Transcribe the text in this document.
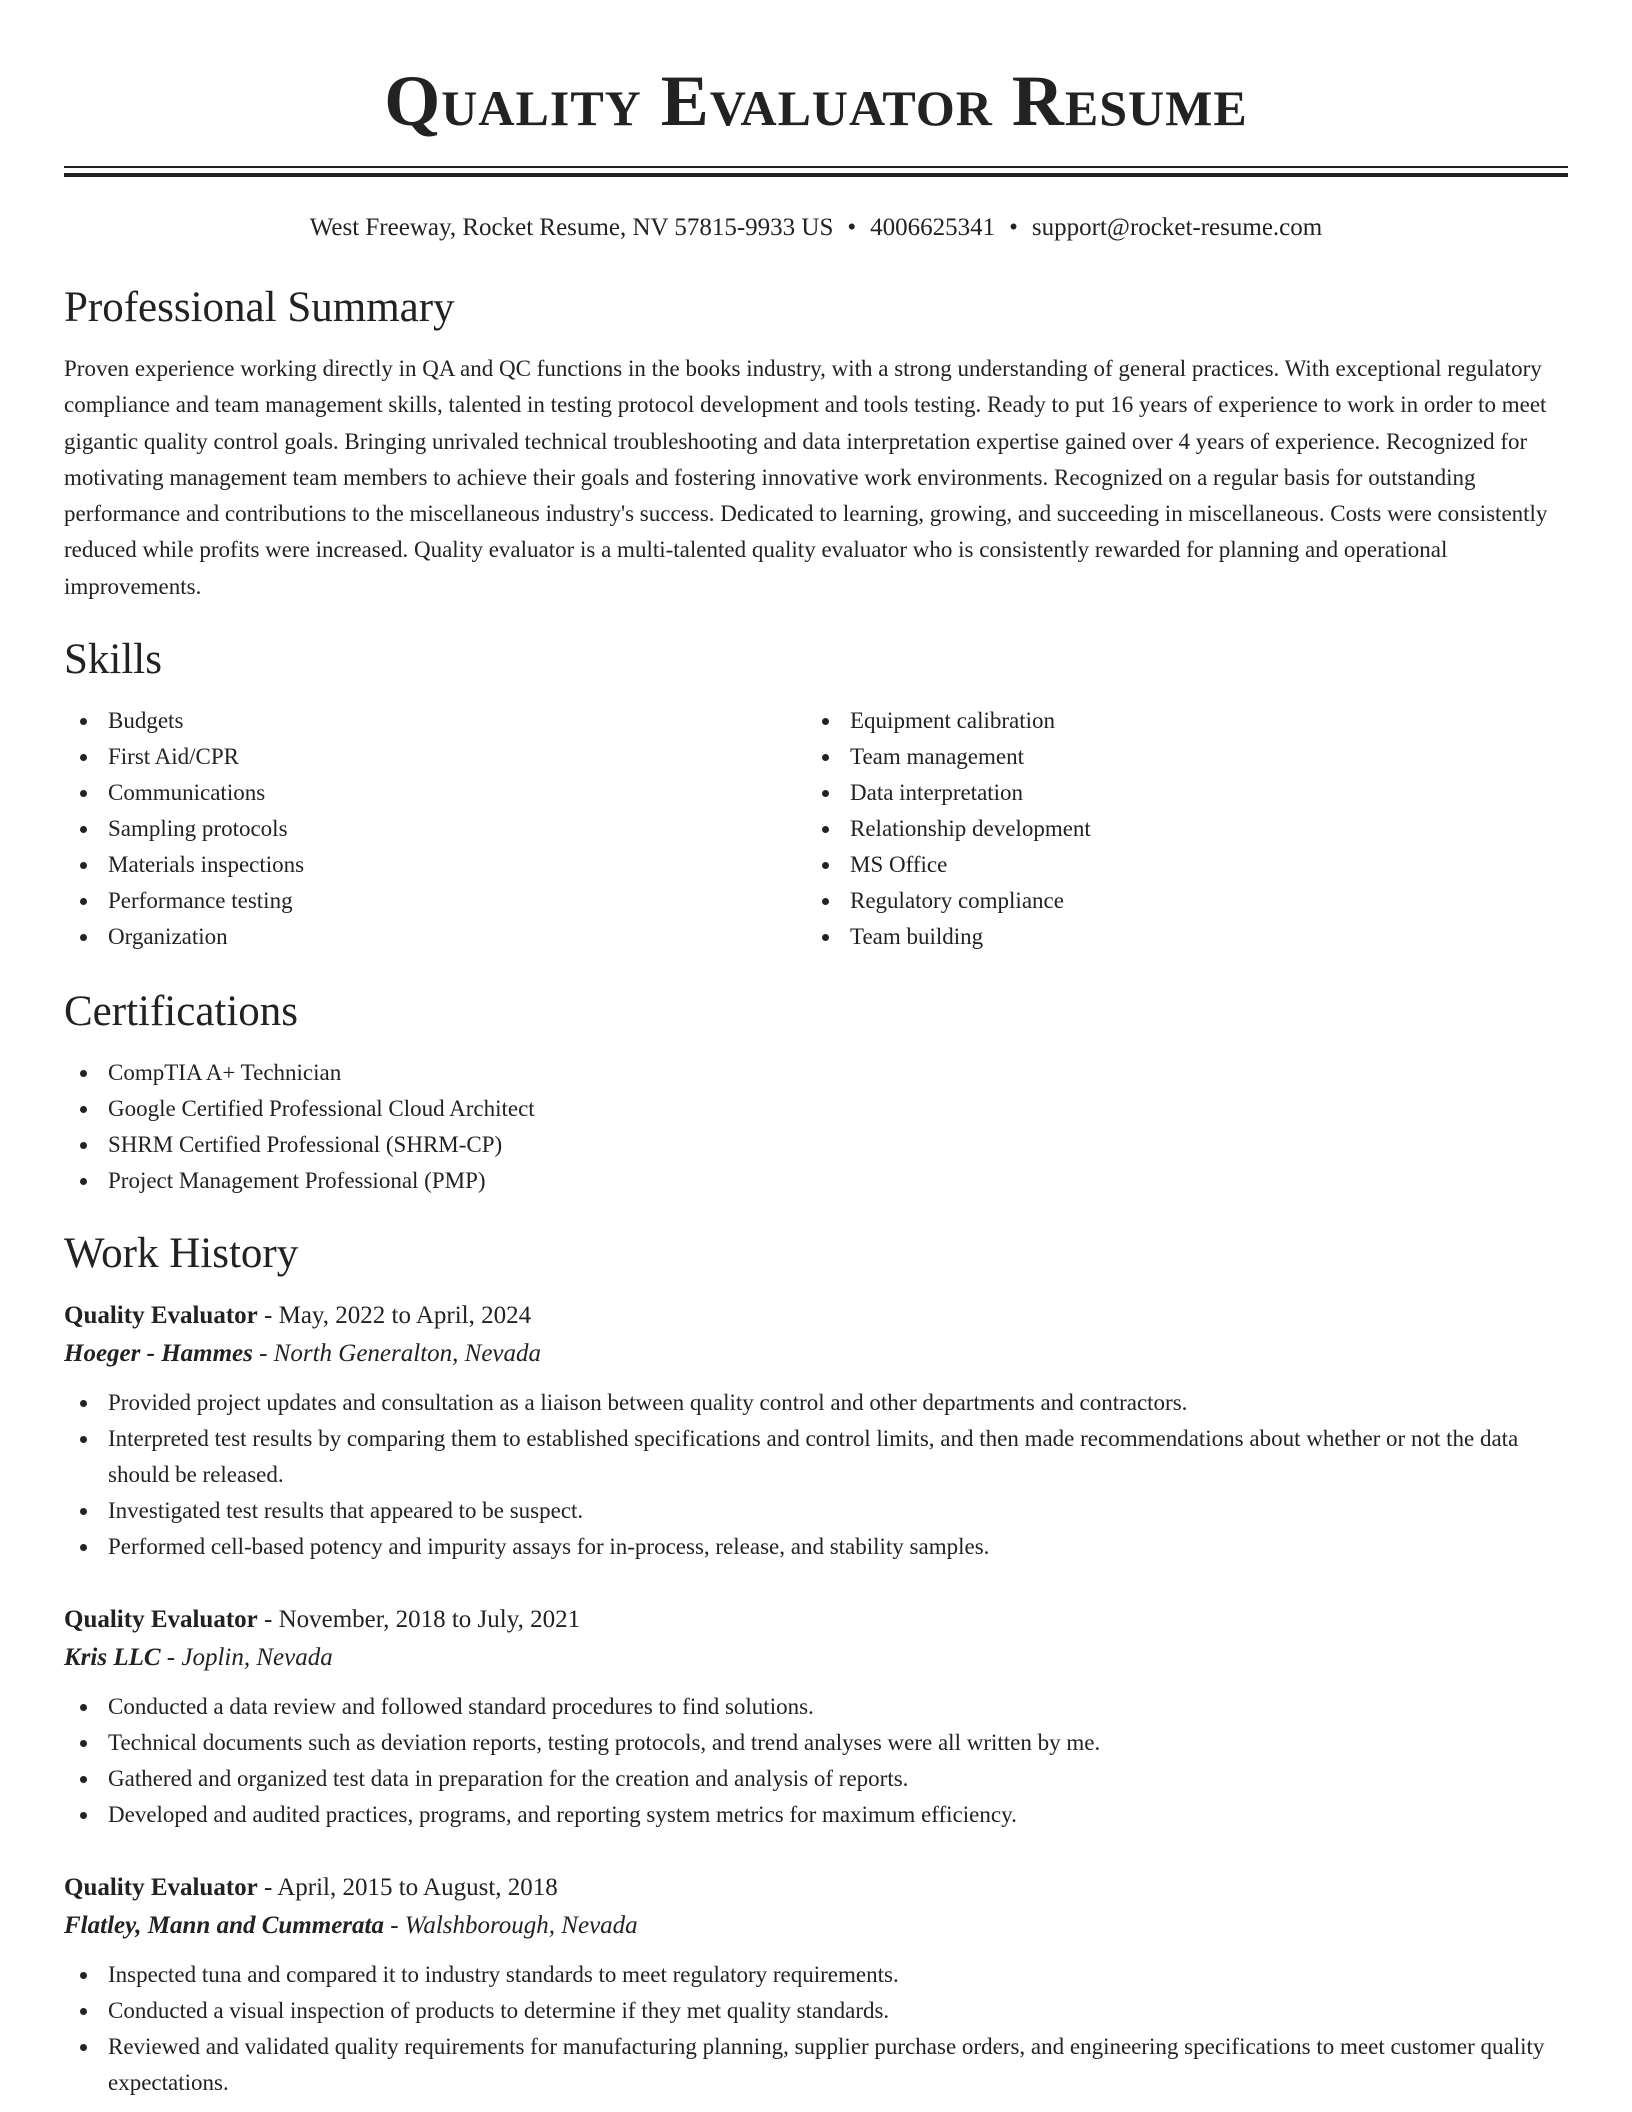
Quality Evaluator Resume
West Freeway, Rocket Resume, NV 57815-9933 US • 4006625341 • support@rocket-resume.com
Professional Summary

Proven experience working directly in QA and QC functions in the books industry, with a strong understanding of general practices. With exceptional regulatory compliance and team management skills, talented in testing protocol development and tools testing. Ready to put 16 years of experience to work in order to meet gigantic quality control goals. Bringing unrivaled technical troubleshooting and data interpretation expertise gained over 4 years of experience. Recognized for motivating management team members to achieve their goals and fostering innovative work environments. Recognized on a regular basis for outstanding performance and contributions to the miscellaneous industry's success. Dedicated to learning, growing, and succeeding in miscellaneous. Costs were consistently reduced while profits were increased. Quality evaluator is a multi-talented quality evaluator who is consistently rewarded for planning and operational improvements.

Skills
Budgets
First Aid/CPR
Communications
Sampling protocols
Materials inspections
Performance testing
Organization
Equipment calibration
Team management
Data interpretation
Relationship development
MS Office
Regulatory compliance
Team building
Certifications
CompTIA A+ Technician
Google Certified Professional Cloud Architect
SHRM Certified Professional (SHRM-CP)
Project Management Professional (PMP)
Work History
Quality Evaluator - May, 2022 to April, 2024
Hoeger - Hammes - North Generalton, Nevada
Provided project updates and consultation as a liaison between quality control and other departments and contractors.
Interpreted test results by comparing them to established specifications and control limits, and then made recommendations about whether or not the data should be released.
Investigated test results that appeared to be suspect.
Performed cell-based potency and impurity assays for in-process, release, and stability samples.
Quality Evaluator - November, 2018 to July, 2021
Kris LLC - Joplin, Nevada
Conducted a data review and followed standard procedures to find solutions.
Technical documents such as deviation reports, testing protocols, and trend analyses were all written by me.
Gathered and organized test data in preparation for the creation and analysis of reports.
Developed and audited practices, programs, and reporting system metrics for maximum efficiency.
Quality Evaluator - April, 2015 to August, 2018
Flatley, Mann and Cummerata - Walshborough, Nevada
Inspected tuna and compared it to industry standards to meet regulatory requirements.
Conducted a visual inspection of products to determine if they met quality standards.
Reviewed and validated quality requirements for manufacturing planning, supplier purchase orders, and engineering specifications to meet customer quality expectations.
